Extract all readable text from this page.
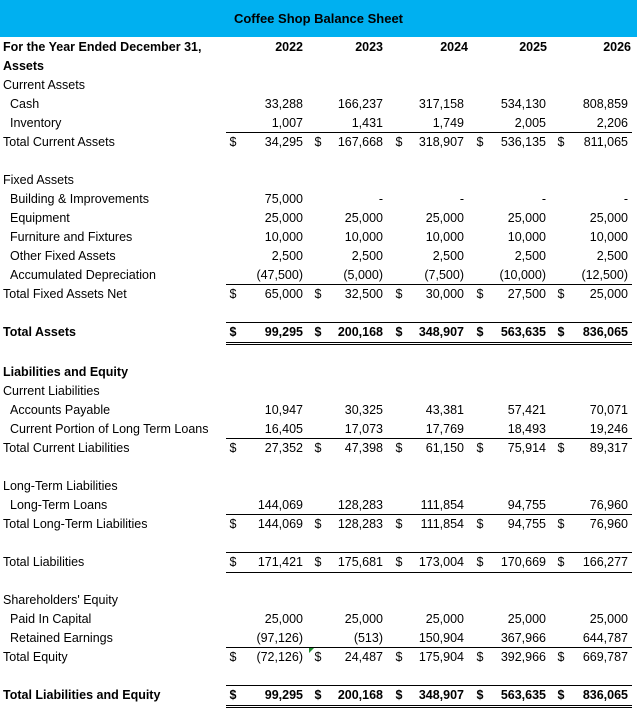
Coffee Shop Balance Sheet
For the Year Ended December 31,	2022	2023	2024	2025	2026
Assets
Current Assets
Cash	33,288	166,237	317,158	534,130	808,859
Inventory	1,007	1,431	1,749	2,005	2,206
Total Current Assets	$	34,295 $	167,668 $	318,907 $	536,135 $	811,065
Fixed Assets
Building & Improvements	75,000	-	-	-	-
Equipment	25,000	25,000	25,000	25,000	25,000
Furniture and Fixtures	10,000	10,000	10,000	10,000	10,000
Other Fixed Assets	2,500	2,500	2,500	2,500	2,500
Accumulated Depreciation	(47,500)	(5,000)	(7,500)	(10,000)	(12,500)
Total Fixed Assets Net	$	65,000 $	32,500 $	30,000 $	27,500 $	25,000
Total Assets	$	99,295 $	200,168 $	348,907 $	563,635 $	836,065
Liabilities and Equity
Current Liabilities
Accounts Payable	10,947	30,325	43,381	57,421	70,071
Current Portion of Long Term Loans	16,405	17,073	17,769	18,493	19,246
Total Current Liabilities	$	27,352 $	47,398 $	61,150 $	75,914 $	89,317
Long-Term Liabilities
Long-Term Loans	144,069	128,283	111,854	94,755	76,960
Total Long-Term Liabilities	$	144,069 $	128,283 $	111,854 $	94,755 $	76,960
Total Liabilities	$	171,421 $	175,681 $	173,004 $	170,669 $	166,277
Shareholders' Equity
Paid In Capital	25,000	25,000	25,000	25,000	25,000
Retained Earnings	(97,126)	(513)	150,904	367,966	644,787
Total Equity	$	(72,126) $	24,487 $	175,904 $	392,966 $	669,787
Total Liabilities and Equity	$	99,295 $	200,168 $	348,907 $	563,635 $	836,065
